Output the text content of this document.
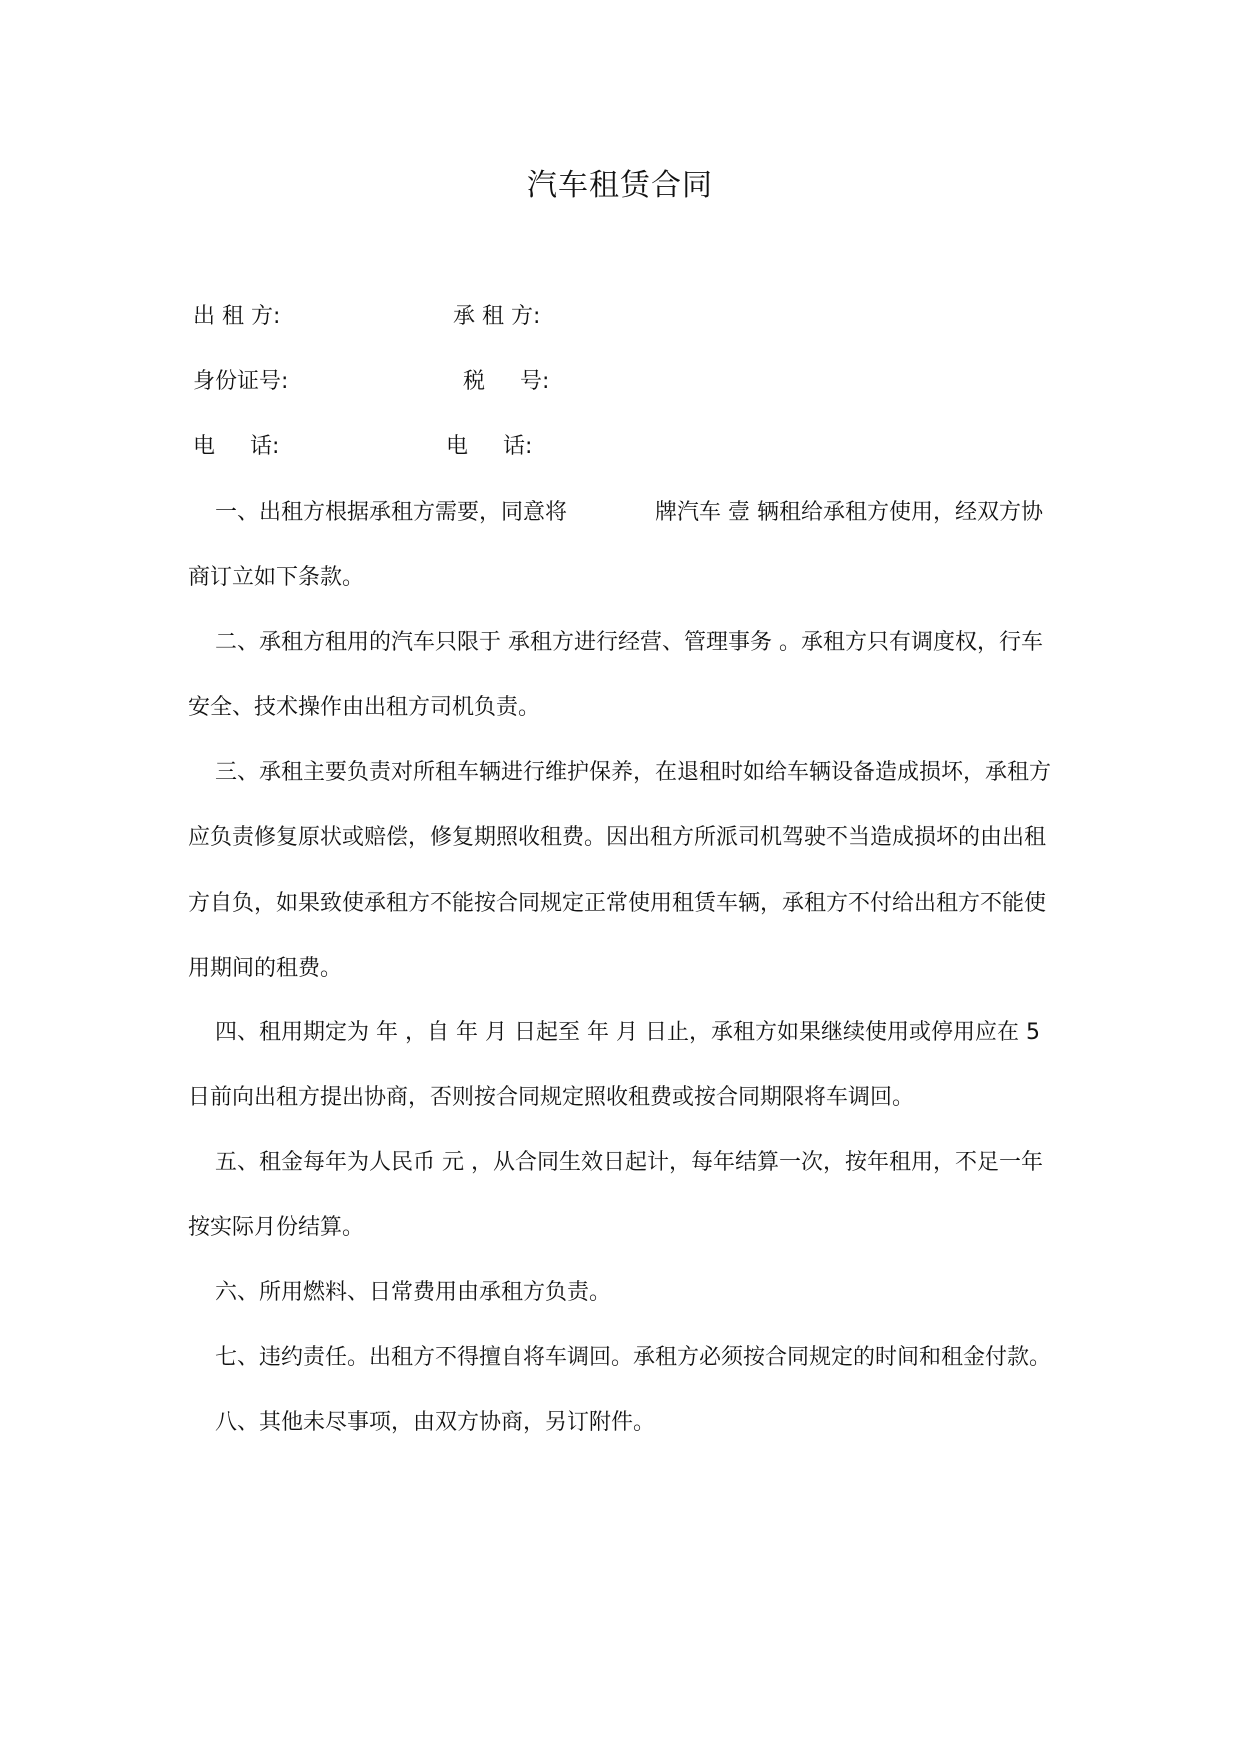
汽车租赁合同
出 租 方:	承 租 方:
身份证号:	税     号:
电     话:	电     话:

一、出租方根据承租方需要，同意将	牌汽车 壹 辆租给承租方使用，经双方协商订立如下条款。

二、承租方租用的汽车只限于 承租方进行经营、管理事务 。承租方只有调度权，行车安全、技术操作由出租方司机负责。

三、承租主要负责对所租车辆进行维护保养，在退租时如给车辆设备造成损坏，承租方应负责修复原状或赔偿，修复期照收租费。因出租方所派司机驾驶不当造成损坏的由出租方自负，如果致使承租方不能按合同规定正常使用租赁车辆，承租方不付给出租方不能使用期间的租费。

四、租用期定为 年 ，自 年 月 日起至 年 月 日止，承租方如果继续使用或停用应在 5 日前向出租方提出协商，否则按合同规定照收租费或按合同期限将车调回。

五、租金每年为人民币 元 ，从合同生效日起计，每年结算一次，按年租用，不足一年按实际月份结算。

六、所用燃料、日常费用由承租方负责。

七、违约责任。出租方不得擅自将车调回。承租方必须按合同规定的时间和租金付款。

八、其他未尽事项，由双方协商，另订附件。
